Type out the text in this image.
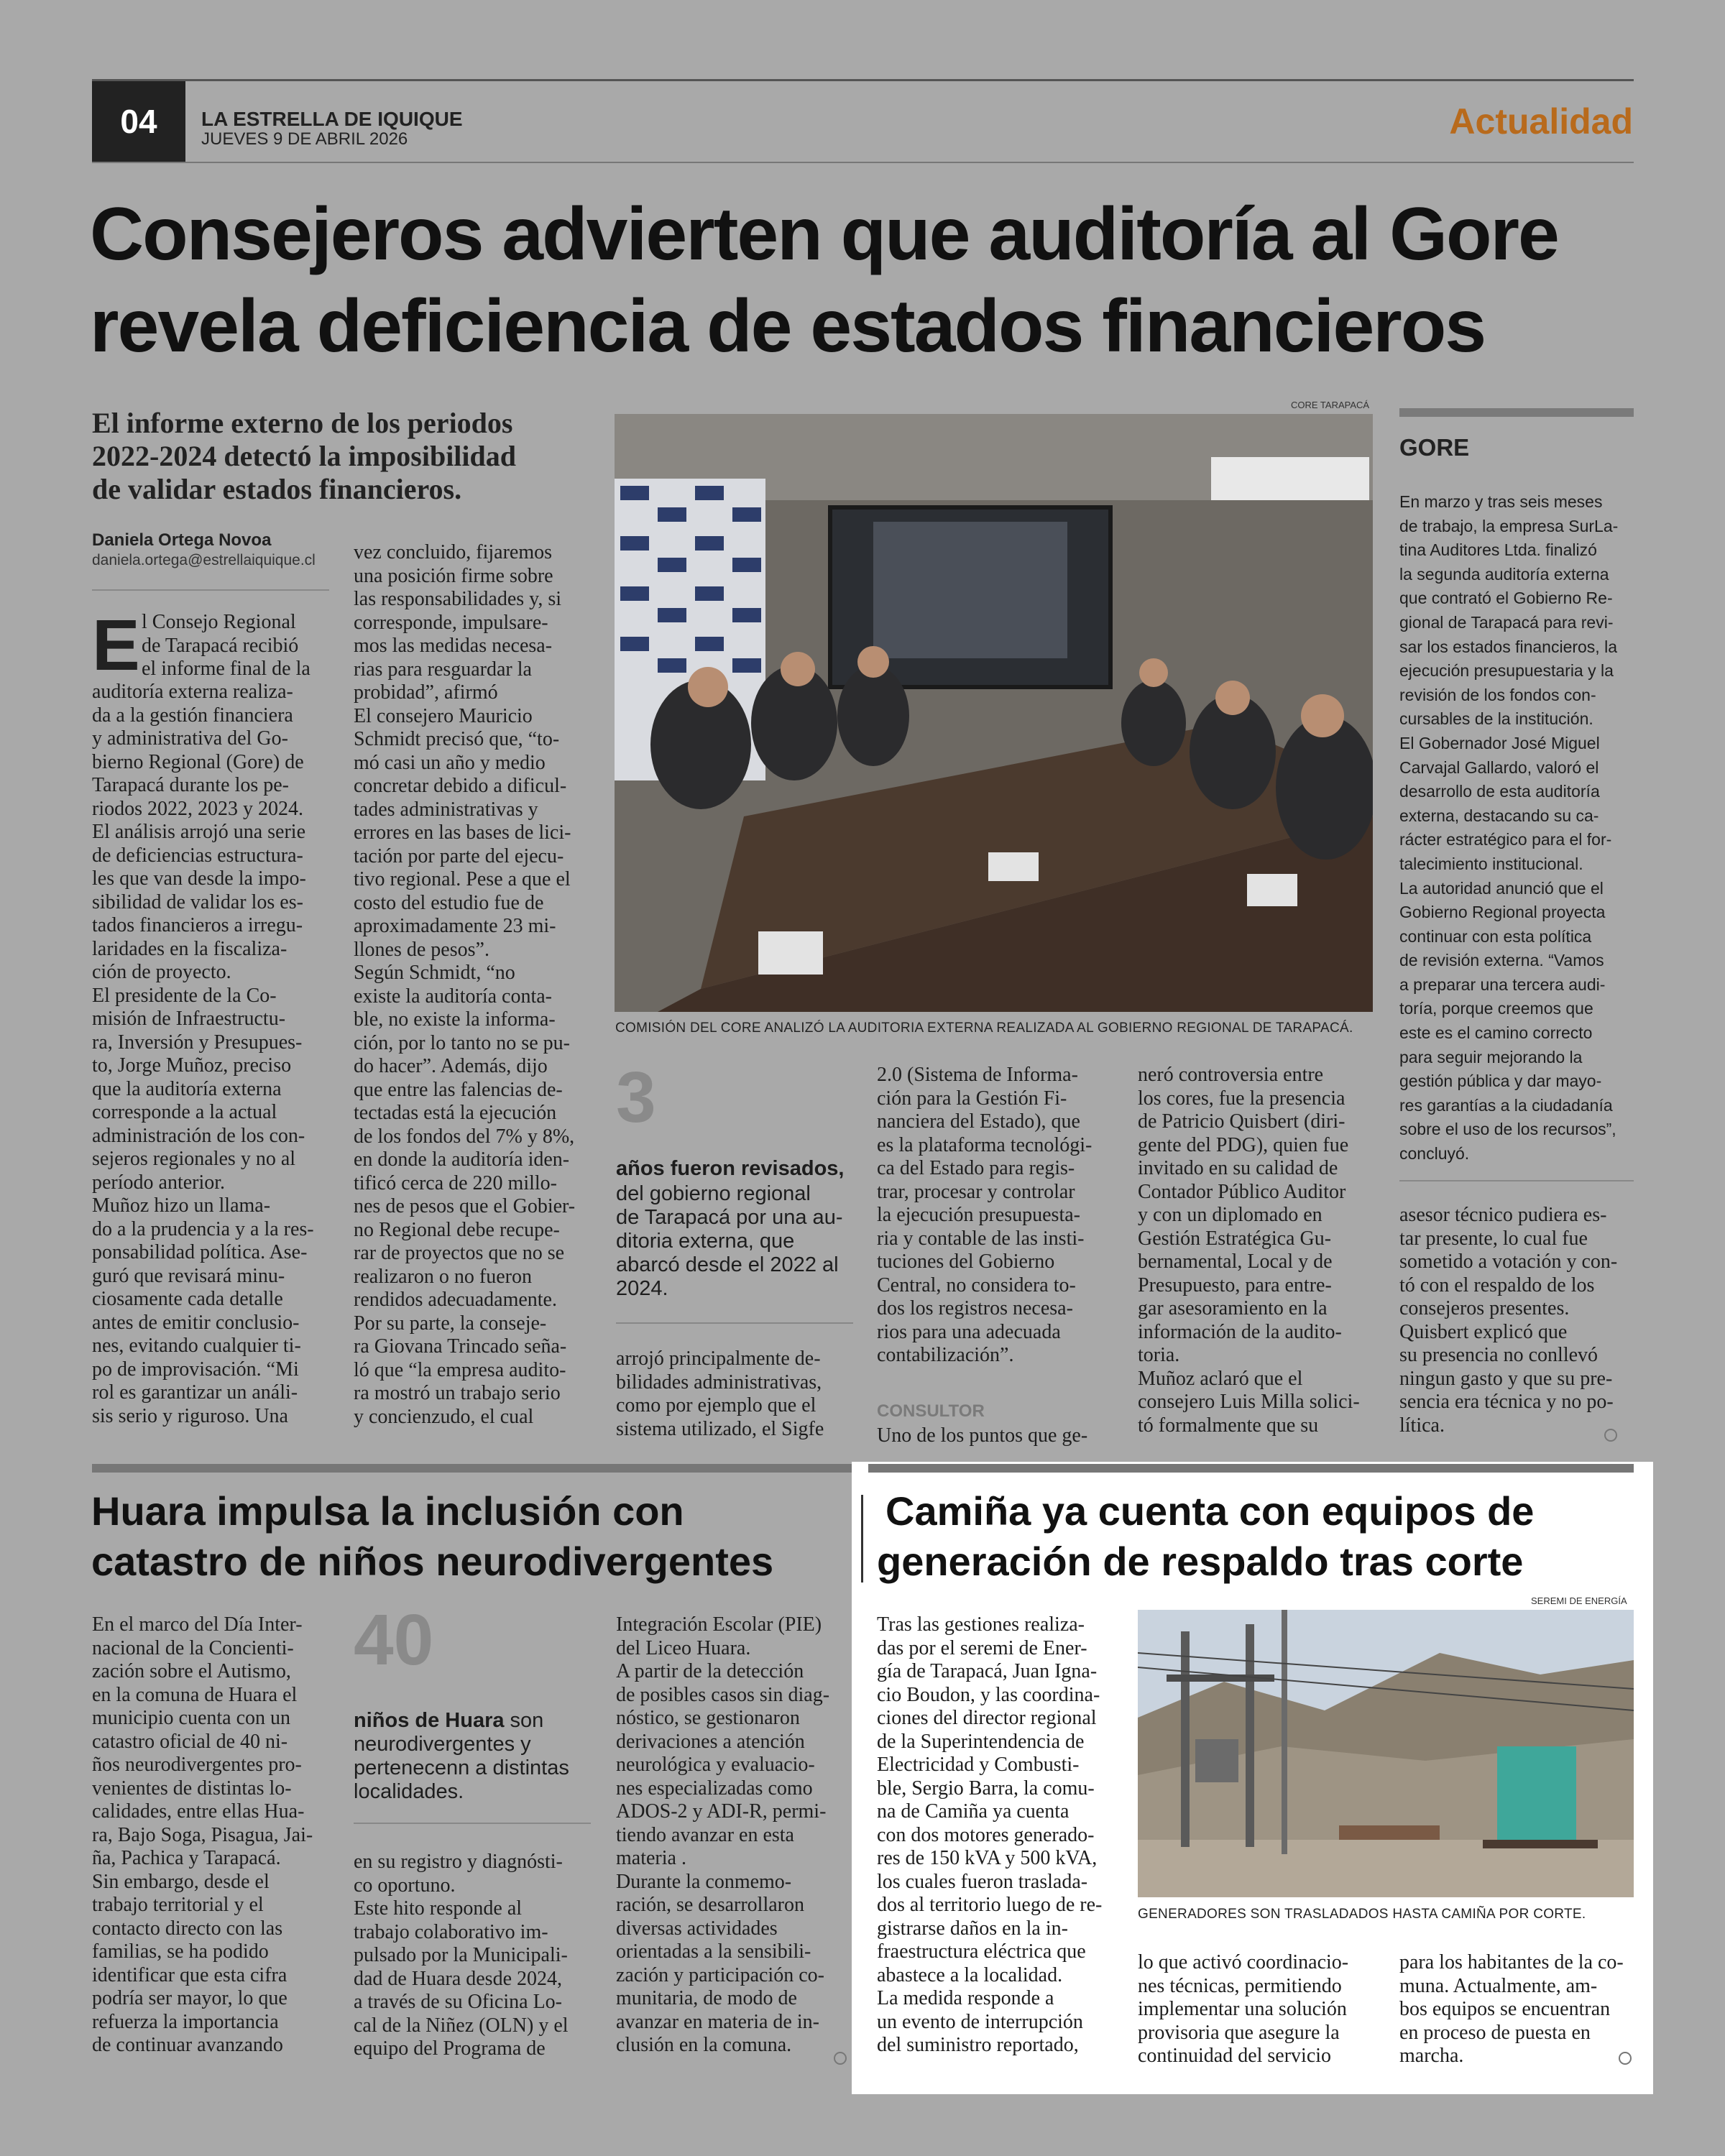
04 LA ESTRELLA DE IQUIQUE
JUEVES 9 DE ABRIL 2026	Actualidad
Consejeros advierten que auditoría al Gore
revela deficiencia de estados financieros
El informe externo de los periodos
2022-2024 detectó la imposibilidad
de validar estados financieros.
Daniela Ortega Novoa
daniela.ortega@estrellaiquique.cl
CORE TARAPACÁ
COMISIÓN DEL CORE ANALIZÓ LA AUDITORIA EXTERNA REALIZADA AL GOBIERNO REGIONAL DE TARAPACÁ.
E l Consejo Regional
de Tarapacá recibió
el informe final de la
auditoría externa realiza-
da a la gestión financiera
y administrativa del Go-
bierno Regional (Gore) de
Tarapacá durante los pe-
riodos 2022, 2023 y 2024.
El análisis arrojó una serie
de deficiencias estructura-
les que van desde la impo-
sibilidad de validar los es-
tados financieros a irregu-
laridades en la fiscaliza-
ción de proyecto.
El presidente de la Co-
misión de Infraestructu-
ra, Inversión y Presupues-
to, Jorge Muñoz, preciso
que la auditoría externa
corresponde a la actual
administración de los con-
sejeros regionales y no al
período anterior.
Muñoz hizo un llama-
do a la prudencia y a la res-
ponsabilidad política. Ase-
guró que revisará minu-
ciosamente cada detalle
antes de emitir conclusio-
nes, evitando cualquier ti-
po de improvisación. “Mi
rol es garantizar un análi-
sis serio y riguroso. Una
vez concluido, fijaremos
una posición firme sobre
las responsabilidades y, si
corresponde, impulsare-
mos las medidas necesa-
rias para resguardar la
probidad”, afirmó
El consejero Mauricio
Schmidt precisó que, “to-
mó casi un año y medio
concretar debido a dificul-
tades administrativas y
errores en las bases de lici-
tación por parte del ejecu-
tivo regional. Pese a que el
costo del estudio fue de
aproximadamente 23 mi-
llones de pesos”.
Según Schmidt, “no
existe la auditoría conta-
ble, no existe la informa-
ción, por lo tanto no se pu-
do hacer”. Además, dijo
que entre las falencias de-
tectadas está la ejecución
de los fondos del 7% y 8%,
en donde la auditoría iden-
tificó cerca de 220 millo-
nes de pesos que el Gobier-
no Regional debe recupe-
rar de proyectos que no se
realizaron o no fueron
rendidos adecuadamente.
Por su parte, la conseje-
ra Giovana Trincado seña-
ló que “la empresa audito-
ra mostró un trabajo serio
y concienzudo, el cual
3
años fueron revisados,
del gobierno regional
de Tarapacá por una au-
ditoria externa, que
abarcó desde el 2022 al
2024.
arrojó principalmente de-
bilidades administrativas,
como por ejemplo que el
sistema utilizado, el Sigfe
2.0 (Sistema de Informa-
ción para la Gestión Fi-
nanciera del Estado), que
es la plataforma tecnológi-
ca del Estado para regis-
trar, procesar y controlar
la ejecución presupuesta-
ria y contable de las insti-
tuciones del Gobierno
Central, no considera to-
dos los registros necesa-
rios para una adecuada
contabilización”.
CONSULTOR
Uno de los puntos que ge-
neró controversia entre
los cores, fue la presencia
de Patricio Quisbert (diri-
gente del PDG), quien fue
invitado en su calidad de
Contador Público Auditor
y con un diplomado en
Gestión Estratégica Gu-
bernamental, Local y de
Presupuesto, para entre-
gar asesoramiento en la
información de la audito-
toria.
Muñoz aclaró que el
consejero Luis Milla solici-
tó formalmente que su
GORE
En marzo y tras seis meses
de trabajo, la empresa SurLa-
tina Auditores Ltda. finalizó
la segunda auditoría externa
que contrató el Gobierno Re-
gional de Tarapacá para revi-
sar los estados financieros, la
ejecución presupuestaria y la
revisión de los fondos con-
cursables de la institución.
El Gobernador José Miguel
Carvajal Gallardo, valoró el
desarrollo de esta auditoría
externa, destacando su ca-
rácter estratégico para el for-
talecimiento institucional.
La autoridad anunció que el
Gobierno Regional proyecta
continuar con esta política
de revisión externa. “Vamos
a preparar una tercera audi-
toría, porque creemos que
este es el camino correcto
para seguir mejorando la
gestión pública y dar mayo-
res garantías a la ciudadanía
sobre el uso de los recursos”,
concluyó.
asesor técnico pudiera es-
tar presente, lo cual fue
sometido a votación y con-
tó con el respaldo de los
consejeros presentes.
Quisbert explicó que
su presencia no conllevó
ningun gasto y que su pre-
sencia era técnica y no po-
lítica.
Huara impulsa la inclusión con
catastro de niños neurodivergentes
En el marco del Día Inter-
nacional de la Concienti-
zación sobre el Autismo,
en la comuna de Huara el
municipio cuenta con un
catastro oficial de 40 ni-
ños neurodivergentes pro-
venientes de distintas lo-
calidades, entre ellas Hua-
ra, Bajo Soga, Pisagua, Jai-
ña, Pachica y Tarapacá.
Sin embargo, desde el
trabajo territorial y el
contacto directo con las
familias, se ha podido
identificar que esta cifra
podría ser mayor, lo que
refuerza la importancia
de continuar avanzando
40
niños de Huara son
neurodivergentes y
pertenecenn a distintas
localidades.
en su registro y diagnósti-
co oportuno.
Este hito responde al
trabajo colaborativo im-
pulsado por la Municipali-
dad de Huara desde 2024,
a través de su Oficina Lo-
cal de la Niñez (OLN) y el
equipo del Programa de
Integración Escolar (PIE)
del Liceo Huara.
A partir de la detección
de posibles casos sin diag-
nóstico, se gestionaron
derivaciones a atención
neurológica y evaluacio-
nes especializadas como
ADOS-2 y ADI-R, permi-
tiendo avanzar en esta
materia .
Durante la conmemo-
ración, se desarrollaron
diversas actividades
orientadas a la sensibili-
zación y participación co-
munitaria, de modo de
avanzar en materia de in-
clusión en la comuna.
Camiña ya cuenta con equipos de
generación de respaldo tras corte
Tras las gestiones realiza-
das por el seremi de Ener-
gía de Tarapacá, Juan Igna-
cio Boudon, y las coordina-
ciones del director regional
de la Superintendencia de
Electricidad y Combusti-
ble, Sergio Barra, la comu-
na de Camiña ya cuenta
con dos motores generado-
res de 150 kVA y 500 kVA,
los cuales fueron traslada-
dos al territorio luego de re-
gistrarse daños en la in-
fraestructura eléctrica que
abastece a la localidad.
La medida responde a
un evento de interrupción
del suministro reportado,
SEREMI DE ENERGÍA
GENERADORES SON TRASLADADOS HASTA CAMIÑA POR CORTE.
lo que activó coordinacio-
nes técnicas, permitiendo
implementar una solución
provisoria que asegure la
continuidad del servicio
para los habitantes de la co-
muna. Actualmente, am-
bos equipos se encuentran
en proceso de puesta en
marcha.
